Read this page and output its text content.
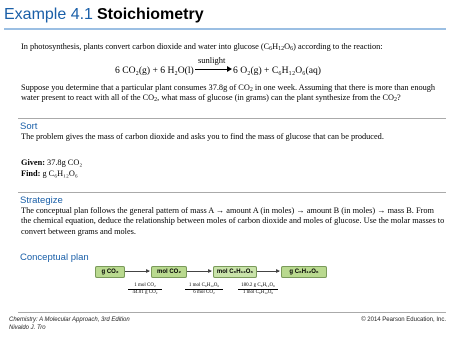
Example 4.1 Stoichiometry
In photosynthesis, plants convert carbon dioxide and water into glucose $(C_6H_{12}O_6)$ according to the reaction:
sunlight
6 CO₂(g) + 6 H₂O(l) → 6 O₂(g) + C₆H₁₂O₆(aq)
Suppose you determine that a particular plant consumes 37.8g of $CO_2$ in one week. Assuming that there is more than enough water present to react with all of the $CO_2$, what mass of glucose (in grams) can the plant synthesize from the $CO_2$?
Sort
The problem gives the mass of carbon dioxide and asks you to find the mass of glucose that can be produced.
Given: 37.8g CO₂
Find: g C₆H₁₂O₆
Strategize
The conceptual plan follows the general pattern of mass A → amount A (in moles) → amount B (in moles) → mass B. From the chemical equation, deduce the relationship between moles of carbon dioxide and moles of glucose. Use the molar masses to convert between grams and moles.
Conceptual plan
g CO₂	mol CO₂	mol C₆H₁₂O₆	g C₆H₁₂O₆
1 mol CO₂
44.01 g CO₂
1 mol C₆H₁₂O₆
6 mol CO₂
180.2 g C₆H₁₂O₆
1 mol C₆H₁₂O₆
Chemistry: A Molecular Approach, 3rd Edition
Nivaldo J. Tro
© 2014 Pearson Education, Inc.
